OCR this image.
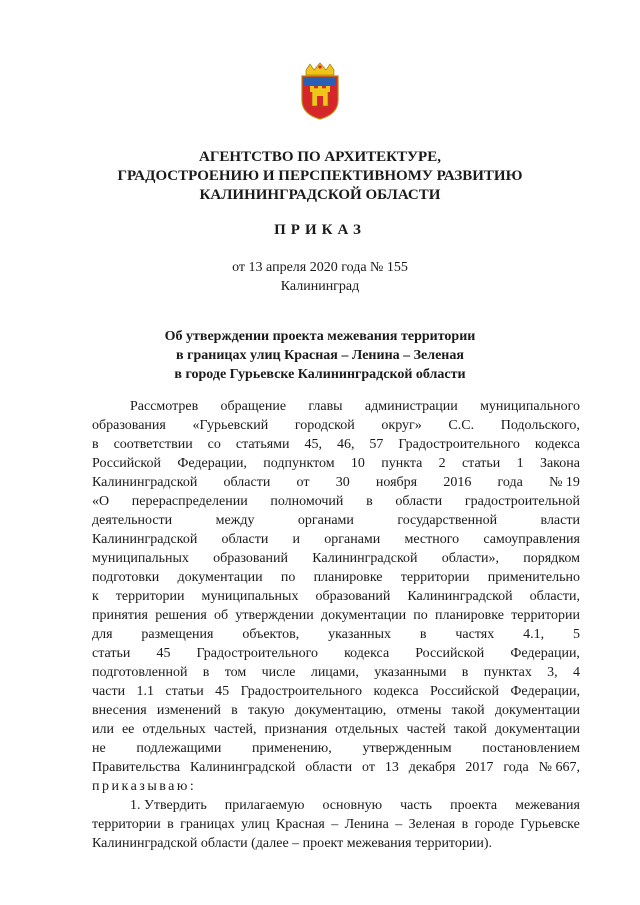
АГЕНТСТВО ПО АРХИТЕКТУРЕ,
ГРАДОСТРОЕНИЮ И ПЕРСПЕКТИВНОМУ РАЗВИТИЮ
КАЛИНИНГРАДСКОЙ ОБЛАСТИ
ПРИКАЗ
от 13 апреля 2020 года № 155
Калининград
Об утверждении проекта межевания территории
в границах улиц Красная – Ленина – Зеленая
в городе Гурьевске Калининградской области
Рассмотрев обращение главы администрации муниципального
образования «Гурьевский городской округ» С.С. Подольского,
в соответствии со статьями 45, 46, 57 Градостроительного кодекса
Российской Федерации, подпунктом 10 пункта 2 статьи 1 Закона
Калининградской области от 30 ноября 2016 года № 19
«О перераспределении полномочий в области градостроительной
деятельности	между	органами	государственной	власти
Калининградской области и органами местного самоуправления
муниципальных образований Калининградской области», порядком
подготовки документации по планировке территории применительно
к территории муниципальных образований Калининградской области,
принятия решения об утверждении документации по планировке территории
для размещения объектов, указанных в частях 4.1, 5
статьи 45 Градостроительного кодекса Российской Федерации,
подготовленной в том числе лицами, указанными в пунктах 3, 4
части 1.1 статьи 45 Градостроительного кодекса Российской Федерации,
внесения изменений в такую документацию, отмены такой документации
или ее отдельных частей, признания отдельных частей такой документации
не подлежащими применению, утвержденным постановлением
Правительства Калининградской области от 13 декабря 2017 года № 667,
приказываю:
1. Утвердить прилагаемую основную часть проекта межевания
территории в границах улиц Красная – Ленина – Зеленая в городе Гурьевске
Калининградской области (далее – проект межевания территории).
